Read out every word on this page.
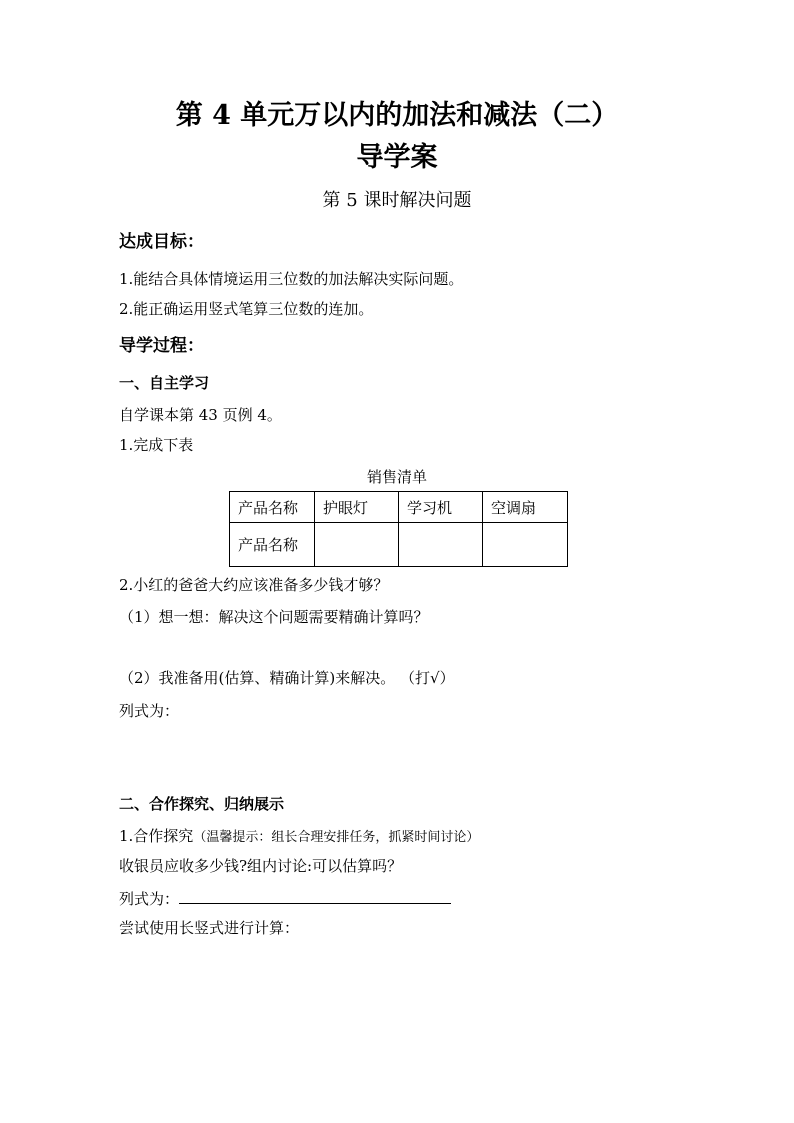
第 4 单元万以内的加法和减法（二）
导学案
第 5 课时解决问题
达成目标：
1.能结合具体情境运用三位数的加法解决实际问题。
2.能正确运用竖式笔算三位数的连加。
导学过程：
一、自主学习
自学课本第 43 页例 4。
1.完成下表
销售清单
产品名称	护眼灯	学习机	空调扇
产品名称			
2.小红的爸爸大约应该准备多少钱才够？
（1）想一想：解决这个问题需要精确计算吗？
（2）我准备用(估算、精确计算)来解决。 （打√）
列式为：
二、合作探究、归纳展示
1.合作探究（温馨提示：组长合理安排任务，抓紧时间讨论）
收银员应收多少钱?组内讨论:可以估算吗？
列式为：
尝试使用长竖式进行计算：
